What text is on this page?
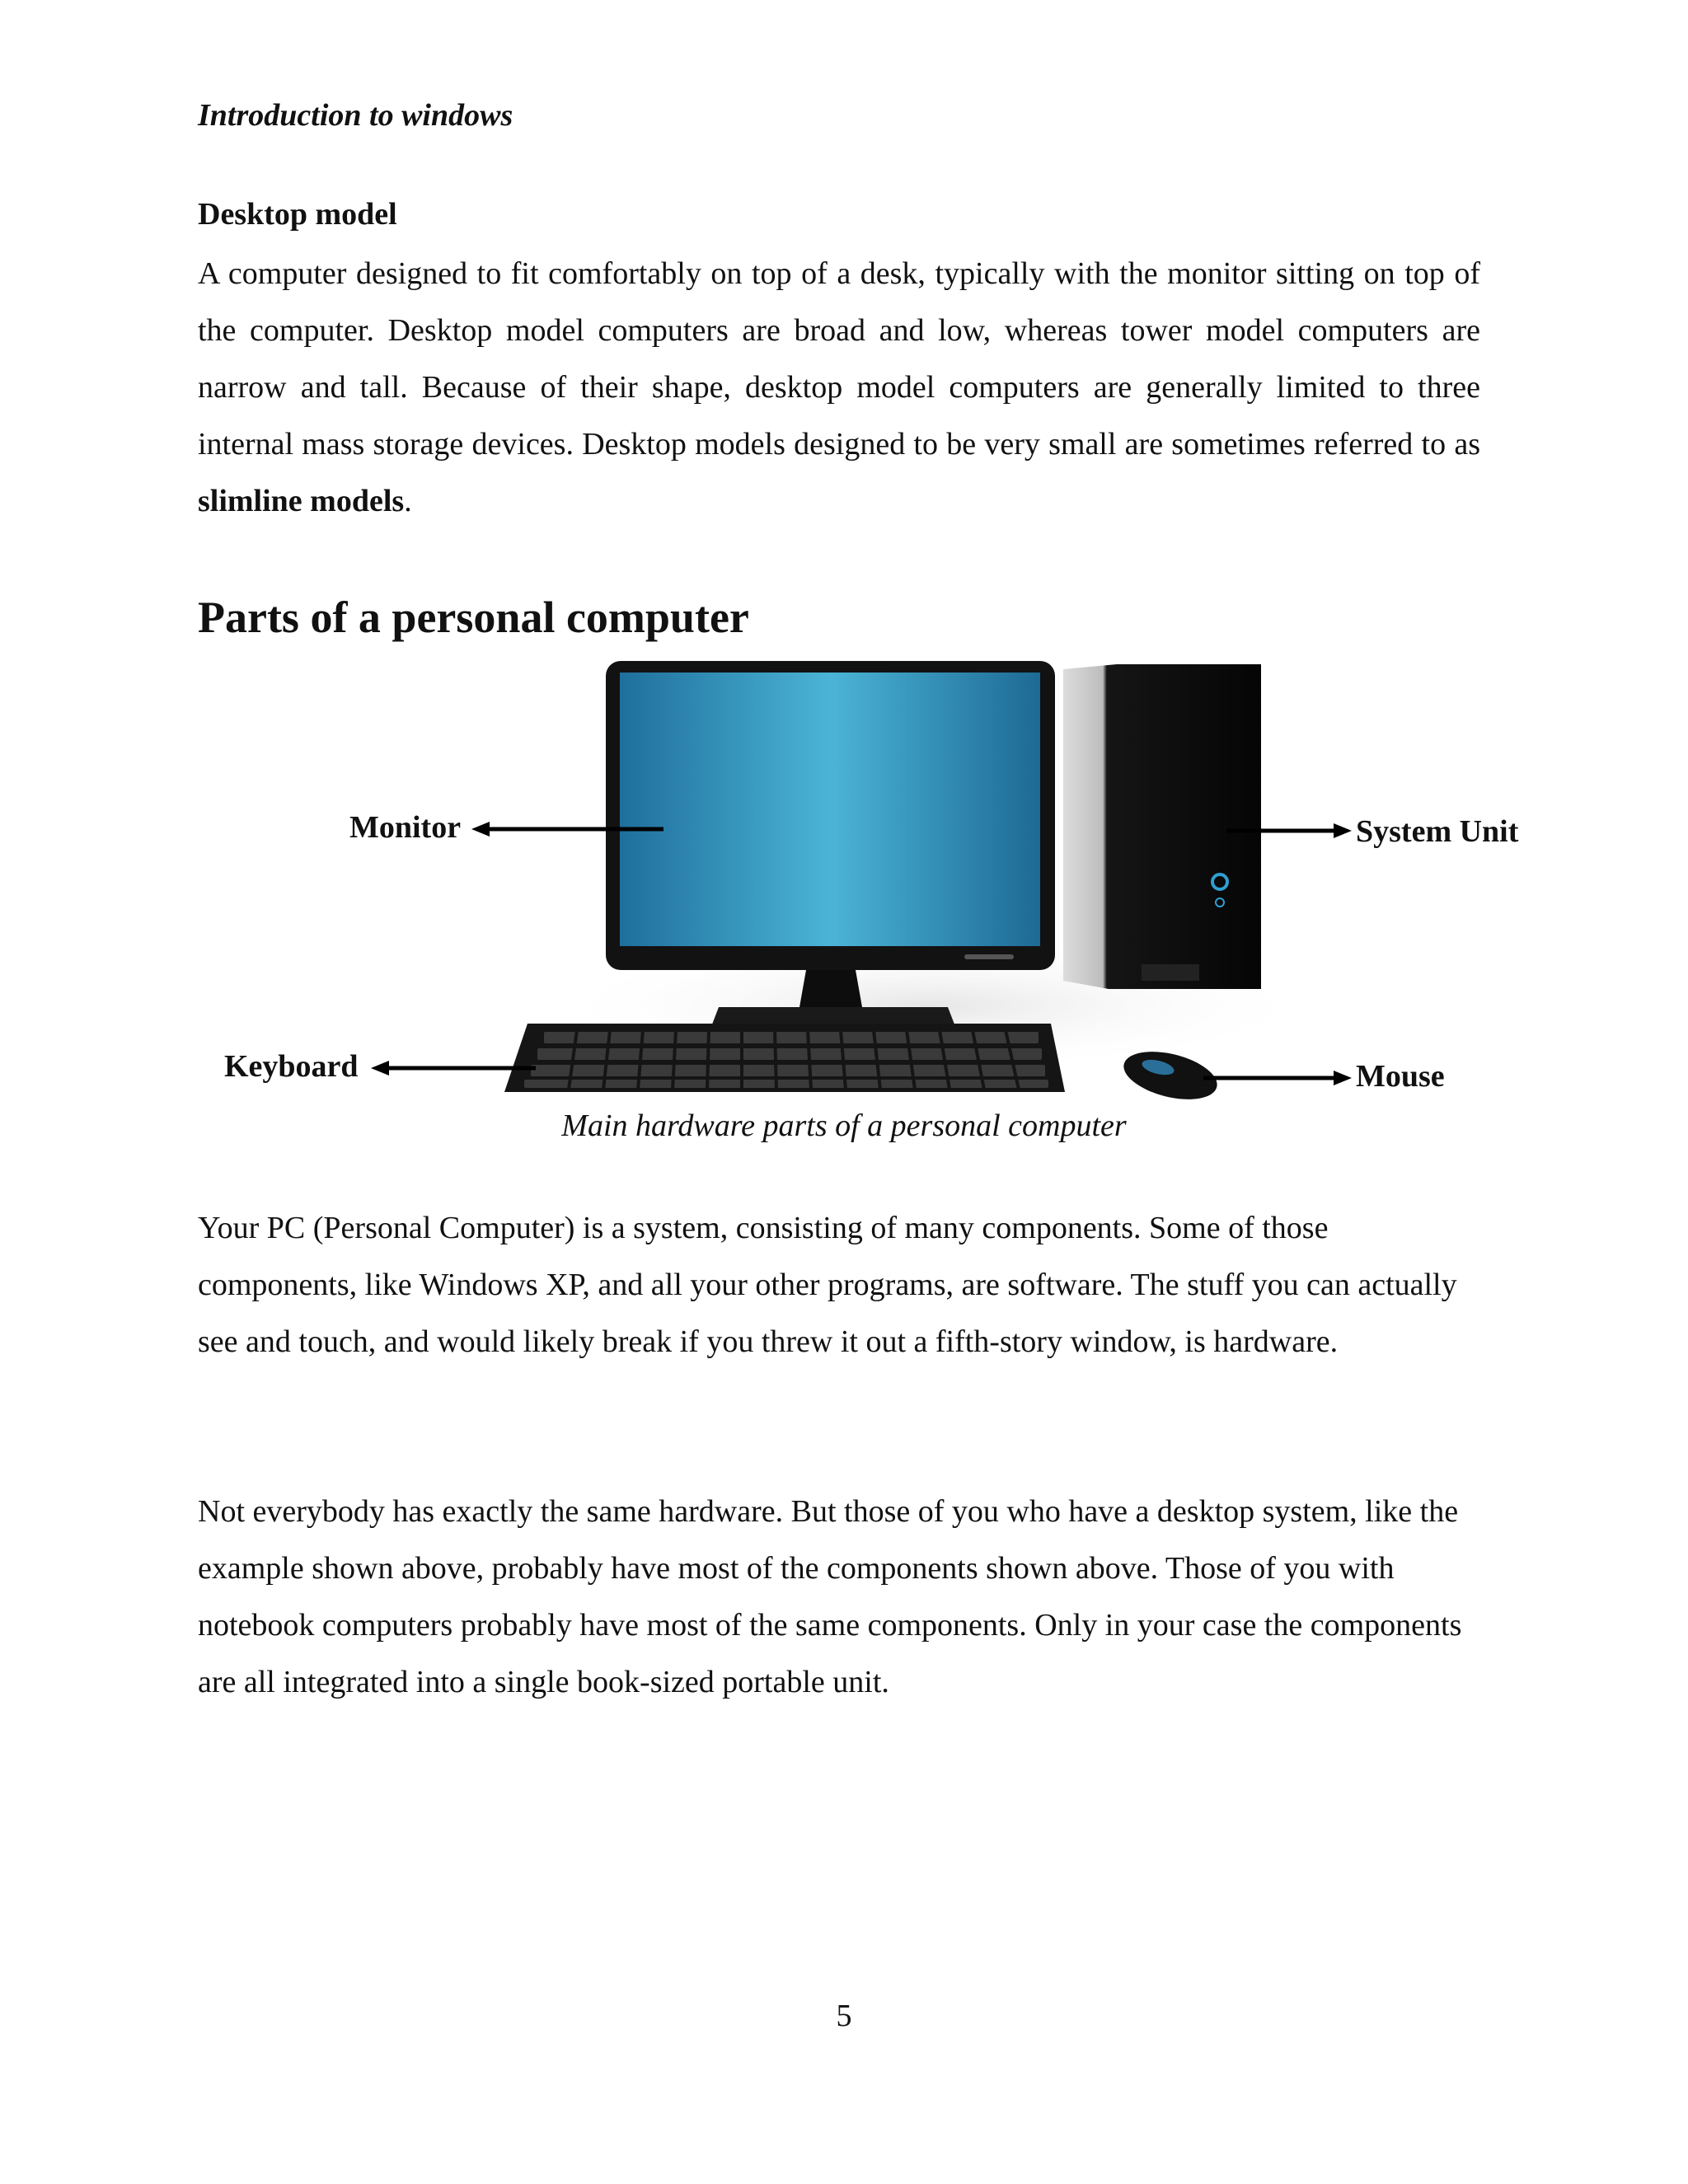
Introduction to windows
Desktop model

A computer designed to fit comfortably on top of a desk, typically with the monitor sitting on top of the computer. Desktop model computers are broad and low, whereas tower model computers are narrow and tall. Because of their shape, desktop model computers are generally limited to three internal mass storage devices. Desktop models designed to be very small are sometimes referred to as slimline models.

Parts of a personal computer
Monitor	System Unit
Keyboard	Mouse
Main hardware parts of a personal computer

Your PC (Personal Computer) is a system, consisting of many components. Some of those components, like Windows XP, and all your other programs, are software. The stuff you can actually see and touch, and would likely break if you threw it out a fifth-story window, is hardware.

Not everybody has exactly the same hardware. But those of you who have a desktop system, like the example shown above, probably have most of the components shown above. Those of you with notebook computers probably have most of the same components. Only in your case the components are all integrated into a single book-sized portable unit.

5
